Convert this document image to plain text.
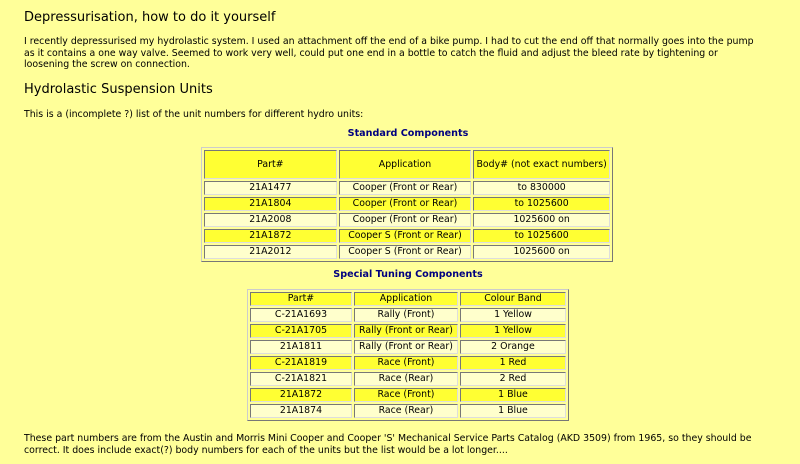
Depressurisation, how to do it yourself

I recently depressurised my hydrolastic system. I used an attachment off the end of a bike pump. I had to cut the end off that normally goes into the pump
as it contains a one way valve. Seemed to work very well, could put one end in a bottle to catch the fluid and adjust the bleed rate by tightening or
loosening the screw on connection.

Hydrolastic Suspension Units

This is a (incomplete ?) list of the unit numbers for different hydro units:

Standard Components
Part#	Application	Body# (not exact numbers)
21A1477	Cooper (Front or Rear)	to 830000
21A1804	Cooper (Front or Rear)	to 1025600
21A2008	Cooper (Front or Rear)	1025600 on
21A1872	Cooper S (Front or Rear)	to 1025600
21A2012	Cooper S (Front or Rear)	1025600 on
Special Tuning Components
Part#	Application	Colour Band
C-21A1693	Rally (Front)	1 Yellow
C-21A1705	Rally (Front or Rear)	1 Yellow
21A1811	Rally (Front or Rear)	2 Orange
C-21A1819	Race (Front)	1 Red
C-21A1821	Race (Rear)	2 Red
21A1872	Race (Front)	1 Blue
21A1874	Race (Rear)	1 Blue

These part numbers are from the Austin and Morris Mini Cooper and Cooper 'S' Mechanical Service Parts Catalog (AKD 3509) from 1965, so they should be
correct. It does include exact(?) body numbers for each of the units but the list would be a lot longer....
